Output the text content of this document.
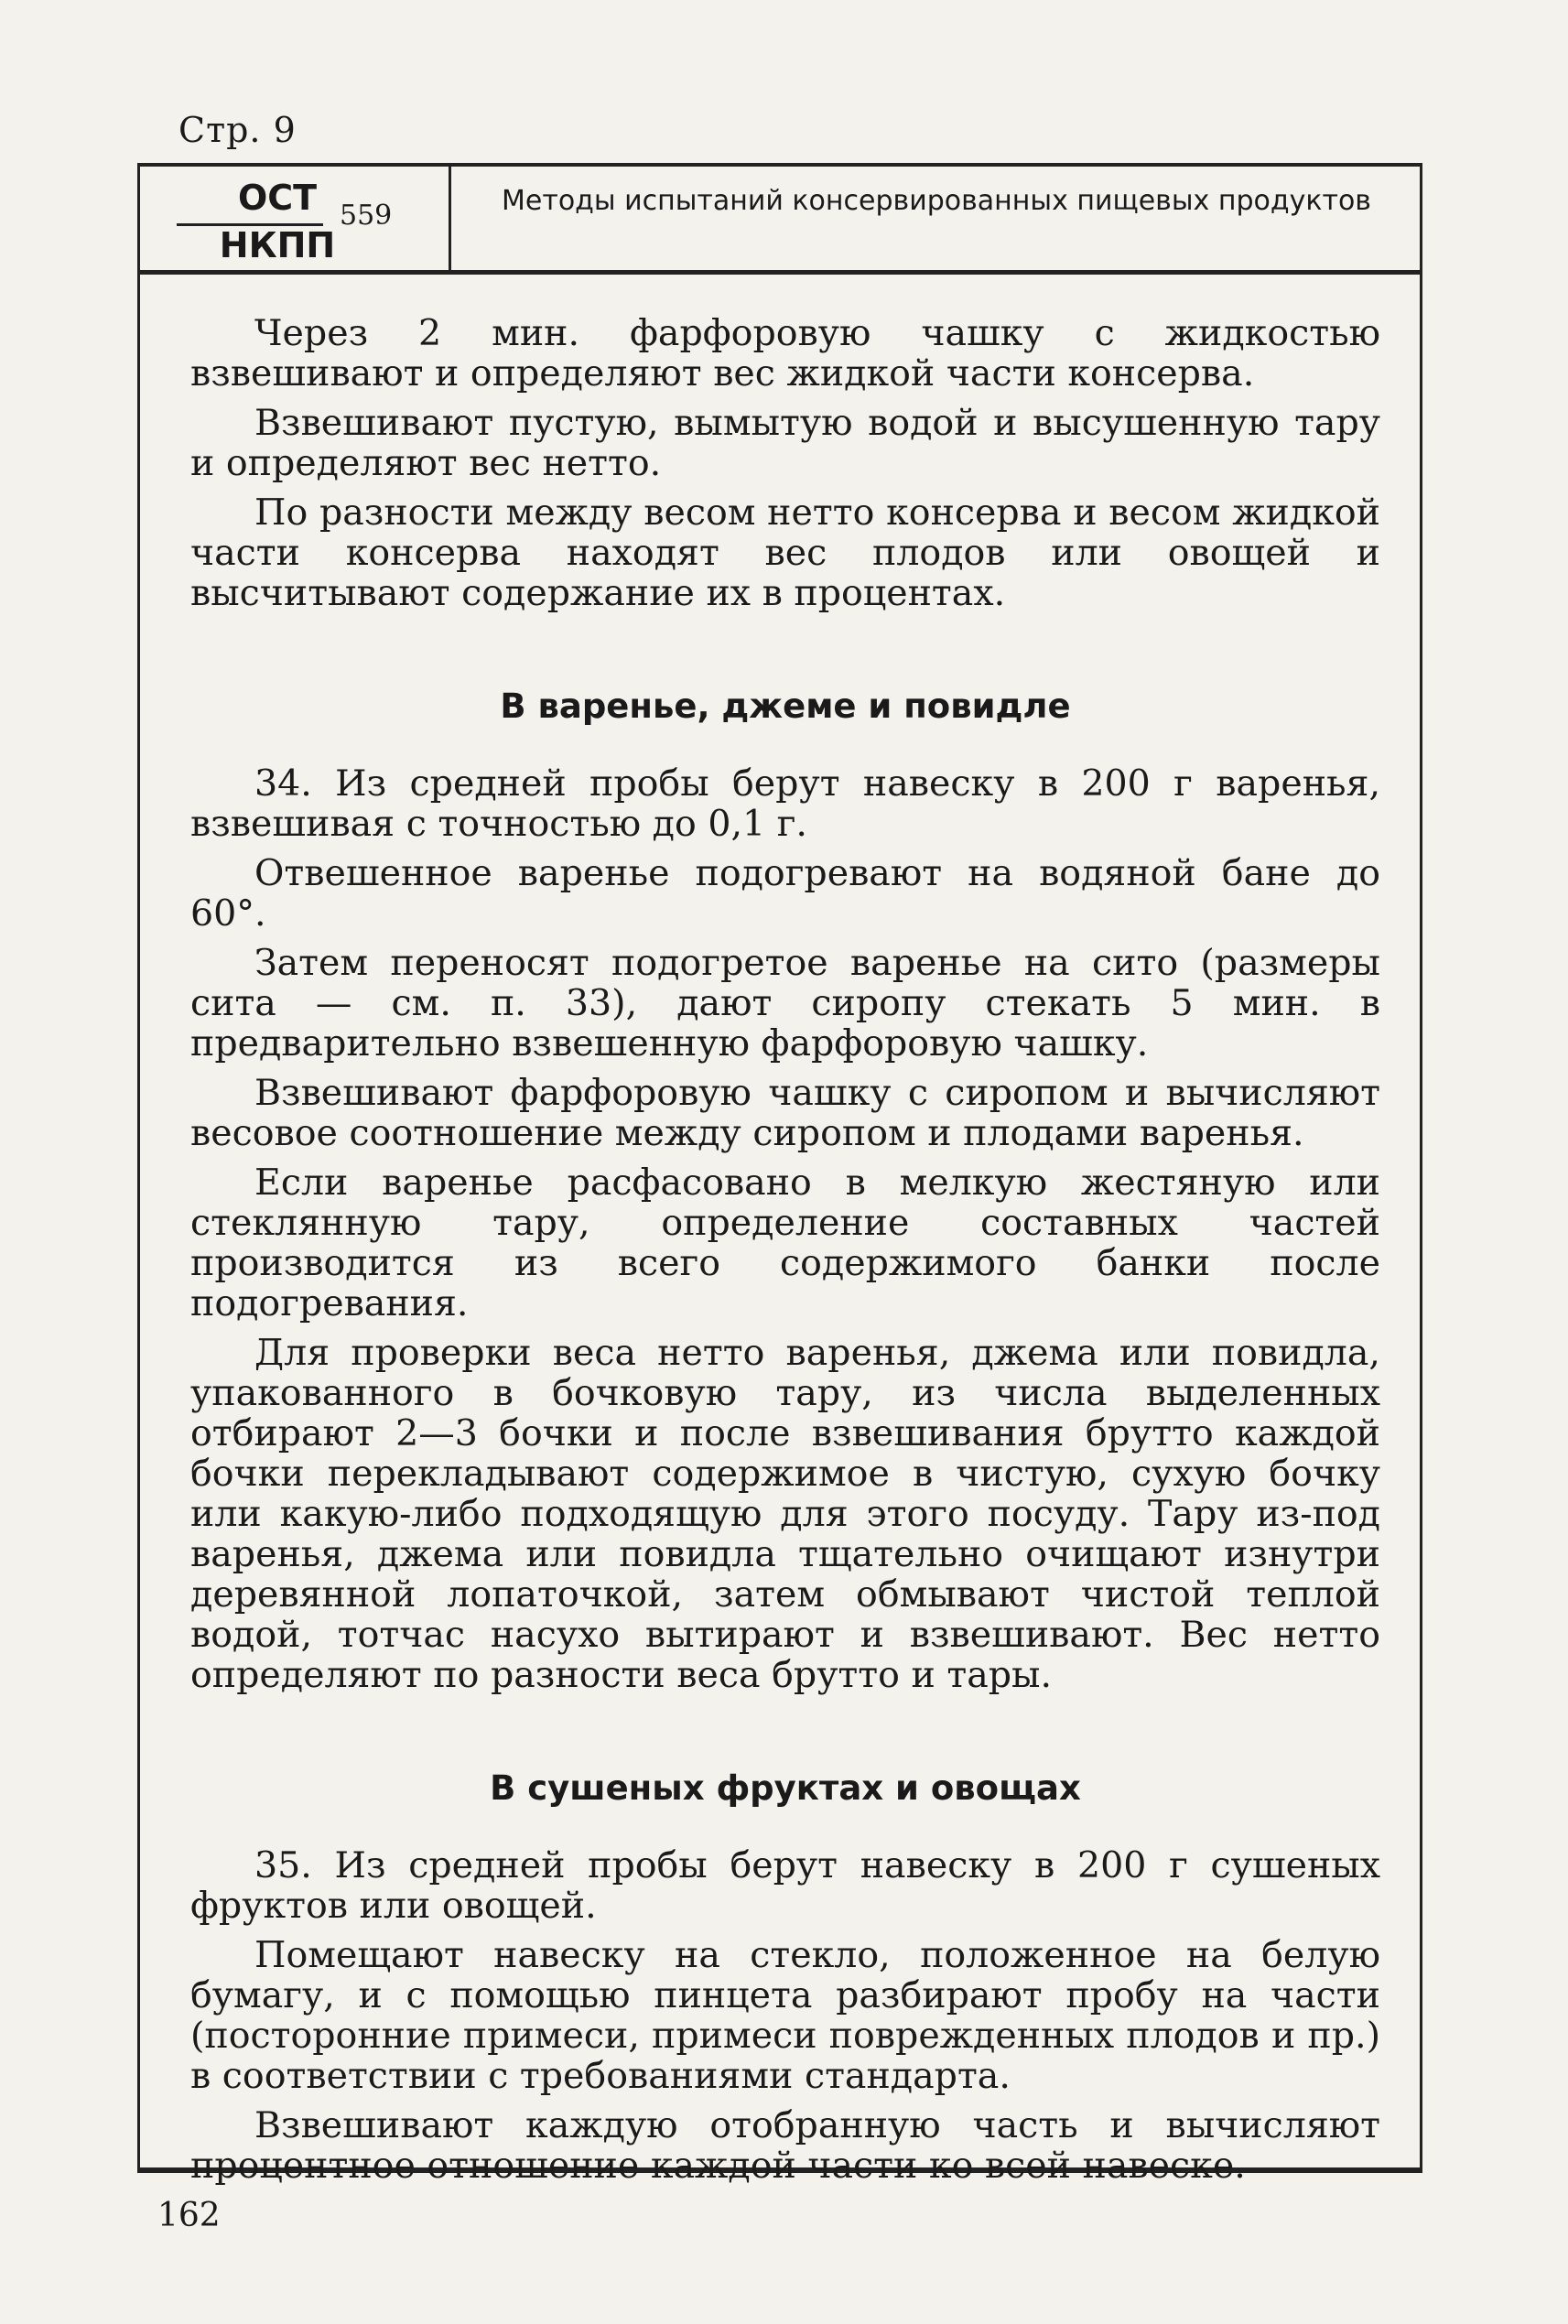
Стр. 9
ОСТ
НКПП
559	Методы испытаний консервированных пищевых продуктов

Через 2 мин. фарфоровую чашку с жидкостью взвешивают и определяют вес жидкой части консерва.

Взвешивают пустую, вымытую водой и высушенную тару и определяют вес нетто.

По разности между весом нетто консерва и весом жидкой части консерва находят вес плодов или овощей и высчитывают содержание их в процентах.

В варенье, джеме и повидле

34. Из средней пробы берут навеску в 200 г варенья, взвешивая с точностью до 0,1 г.

Отвешенное варенье подогревают на водяной бане до 60°.

Затем переносят подогретое варенье на сито (размеры сита — см. п. 33), дают сиропу стекать 5 мин. в предварительно взвешенную фарфоровую чашку.

Взвешивают фарфоровую чашку с сиропом и вычисляют весовое соотношение между сиропом и плодами варенья.

Если варенье расфасовано в мелкую жестяную или стеклянную тару, определение составных частей производится из всего содержимого банки после подогревания.

Для проверки веса нетто варенья, джема или повидла, упакованного в бочковую тару, из числа выделенных отбирают 2—3 бочки и после взвешивания брутто каждой бочки перекладывают содержимое в чистую, сухую бочку или какую-либо подходящую для этого посуду. Тару из-под варенья, джема или повидла тщательно очищают изнутри деревянной лопаточкой, затем обмывают чистой теплой водой, тотчас насухо вытирают и взвешивают. Вес нетто определяют по разности веса брутто и тары.

В сушеных фруктах и овощах

35. Из средней пробы берут навеску в 200 г сушеных фруктов или овощей.

Помещают навеску на стекло, положенное на белую бумагу, и с помощью пинцета разбирают пробу на части (посторонние примеси, примеси поврежденных плодов и пр.) в соответствии с требованиями стандарта.

Взвешивают каждую отобранную часть и вычисляют процентное отношение каждой части ко всей навеске.

162
